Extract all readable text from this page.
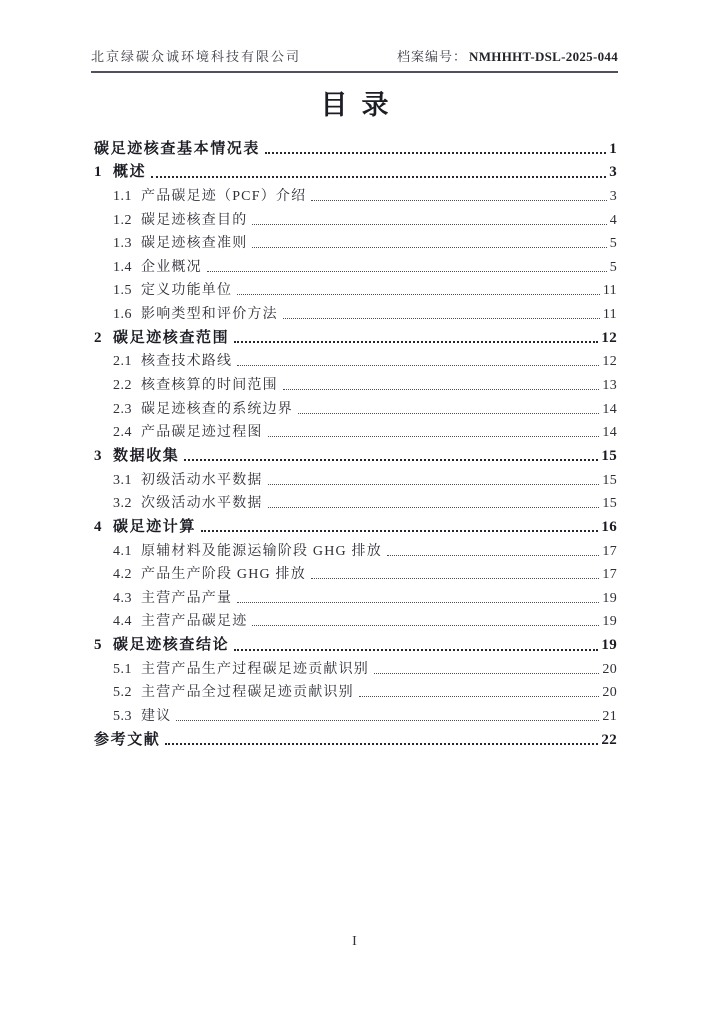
北京绿碳众诚环境科技有限公司	档案编号： NMHHHT-DSL-2025-044
目录
碳足迹核查基本情况表	1
1 概述	3
1.1 产品碳足迹（PCF）介绍	3
1.2 碳足迹核查目的	4
1.3 碳足迹核查准则	5
1.4 企业概况	5
1.5 定义功能单位	11
1.6 影响类型和评价方法	11
2 碳足迹核查范围	12
2.1 核查技术路线	12
2.2 核查核算的时间范围	13
2.3 碳足迹核查的系统边界	14
2.4 产品碳足迹过程图	14
3 数据收集	15
3.1 初级活动水平数据	15
3.2 次级活动水平数据	15
4 碳足迹计算	16
4.1 原辅材料及能源运输阶段 GHG 排放	17
4.2 产品生产阶段 GHG 排放	17
4.3 主营产品产量	19
4.4 主营产品碳足迹	19
5 碳足迹核查结论	19
5.1 主营产品生产过程碳足迹贡献识别	20
5.2 主营产品全过程碳足迹贡献识别	20
5.3 建议	21
参考文献	22
I
